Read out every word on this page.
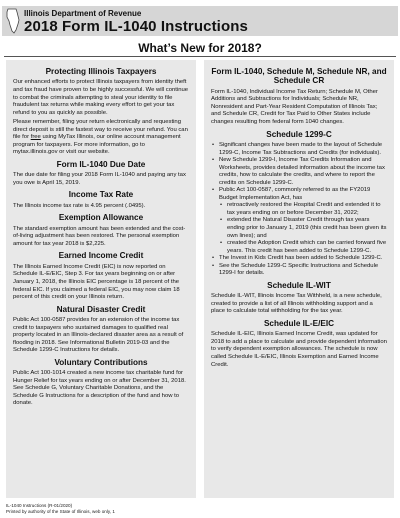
Illinois Department of Revenue
2018 Form IL-1040 Instructions
What’s New for 2018?
Protecting Illinois Taxpayers

Our enhanced efforts to protect Illinois taxpayers from identity theft and tax fraud have proven to be highly successful. We will continue to combat the criminals attempting to steal your identity to file fraudulent tax returns while making every effort to get your tax refund to you as quickly as possible.

Please remember, filing your return electronically and requesting direct deposit is still the fastest way to receive your refund. You can file for free using MyTax Illinois, our online account management program for taxpayers. For more information, go to mytax.illinois.gov or visit our website.

Form IL-1040 Due Date

The due date for filing your 2018 Form IL-1040 and paying any tax you owe is April 15, 2019.

Income Tax Rate

The Illinois income tax rate is 4.95 percent (.0495).

Exemption Allowance

The standard exemption amount has been extended and the cost-of-living adjustment has been restored. The personal exemption amount for tax year 2018 is $2,225.

Earned Income Credit

The Illinois Earned Income Credit (EIC) is now reported on Schedule IL-E/EIC, Step 3. For tax years beginning on or after January 1, 2018, the Illinois EIC percentage is 18 percent of the federal EIC. If you claimed a federal EIC, you may now claim 18 percent of this credit on your Illinois return.

Natural Disaster Credit

Public Act 100-0587 provides for an extension of the income tax credit to taxpayers who sustained damages to qualified real property located in an Illinois-declared disaster area as a result of flooding in 2018. See Informational Bulletin 2019-03 and the Schedule 1299-C Instructions for details.

Voluntary Contributions

Public Act 100-1014 created a new income tax charitable fund for Hunger Relief for tax years ending on or after December 31, 2018. See Schedule G, Voluntary Charitable Donations, and the Schedule G Instructions for a description of the fund and how to donate.

Form IL-1040, Schedule M, Schedule NR, and Schedule CR

Form IL-1040, Individual Income Tax Return; Schedule M, Other Additions and Subtractions for Individuals; Schedule NR, Nonresident and Part-Year Resident Computation of Illinois Tax; and Schedule CR, Credit for Tax Paid to Other States include changes resulting from federal form 1040 changes.

Schedule 1299-C
• Significant changes have been made to the layout of Schedule 1299-C, Income Tax Subtractions and Credits (for individuals).
• New Schedule 1299-I, Income Tax Credits Information and Worksheets, provides detailed information about the income tax credits, how to calculate the credits, and where to report the credits on Schedule 1299-C.
• Public Act 100-0587, commonly referred to as the FY2019 Budget Implementation Act, has
• retroactively restored the Hospital Credit and extended it to tax years ending on or before December 31, 2022;
• extended the Natural Disaster Credit through tax years ending prior to January 1, 2019 (this credit has been given its own lines); and
• created the Adoption Credit which can be carried forward five years. This credit has been added to Schedule 1299-C.
• The Invest in Kids Credit has been added to Schedule 1299-C.
• See the Schedule 1299-C Specific Instructions and Schedule 1299-I for details.
Schedule IL-WIT

Schedule IL-WIT, Illinois Income Tax Withheld, is a new schedule, created to provide a list of all Illinois withholding support and a place to calculate total withholding for the tax year.

Schedule IL-E/EIC

Schedule IL-EIC, Illinois Earned Income Credit, was updated for 2018 to add a place to calculate and provide dependent information to verify dependent exemption allowances. The schedule is now called Schedule IL-E/EIC, Illinois Exemption and Earned Income Credit.

IL-1040 Instructions (R-01/2020)
Printed by authority of the State of Illinois, web only, 1
